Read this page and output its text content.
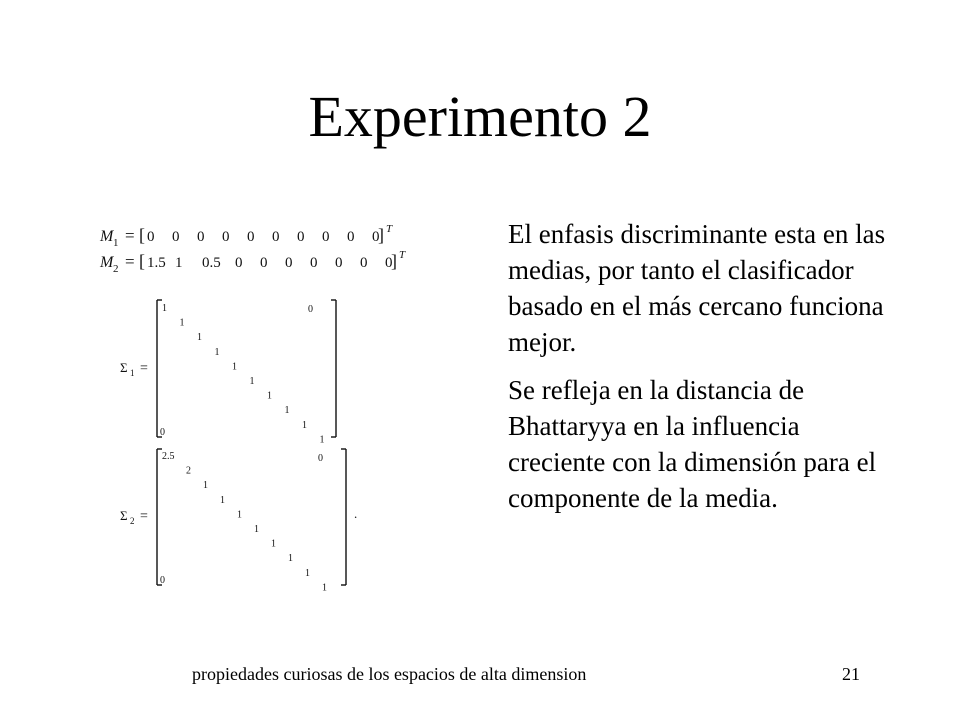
Experimento 2
M 1 = [ 0 0 0 0 0 0 0 0 0 0
] T
M 2 = [ 1.5 1 0.5 0 0 0 0 0 0 0
] T
Σ 1 =
1
1
1
1
1
1
1
1
1
1
0
0
Σ 2 =
2.5
2
1
1
1
1
1
1
1
1
0
0
.

El enfasis discriminante esta en las medias, por tanto el clasificador basado en el más cercano funciona mejor.

Se refleja en la distancia de Bhattaryya en la influencia creciente con la dimensión para el componente de la media.

propiedades curiosas de los espacios de alta dimension	21
